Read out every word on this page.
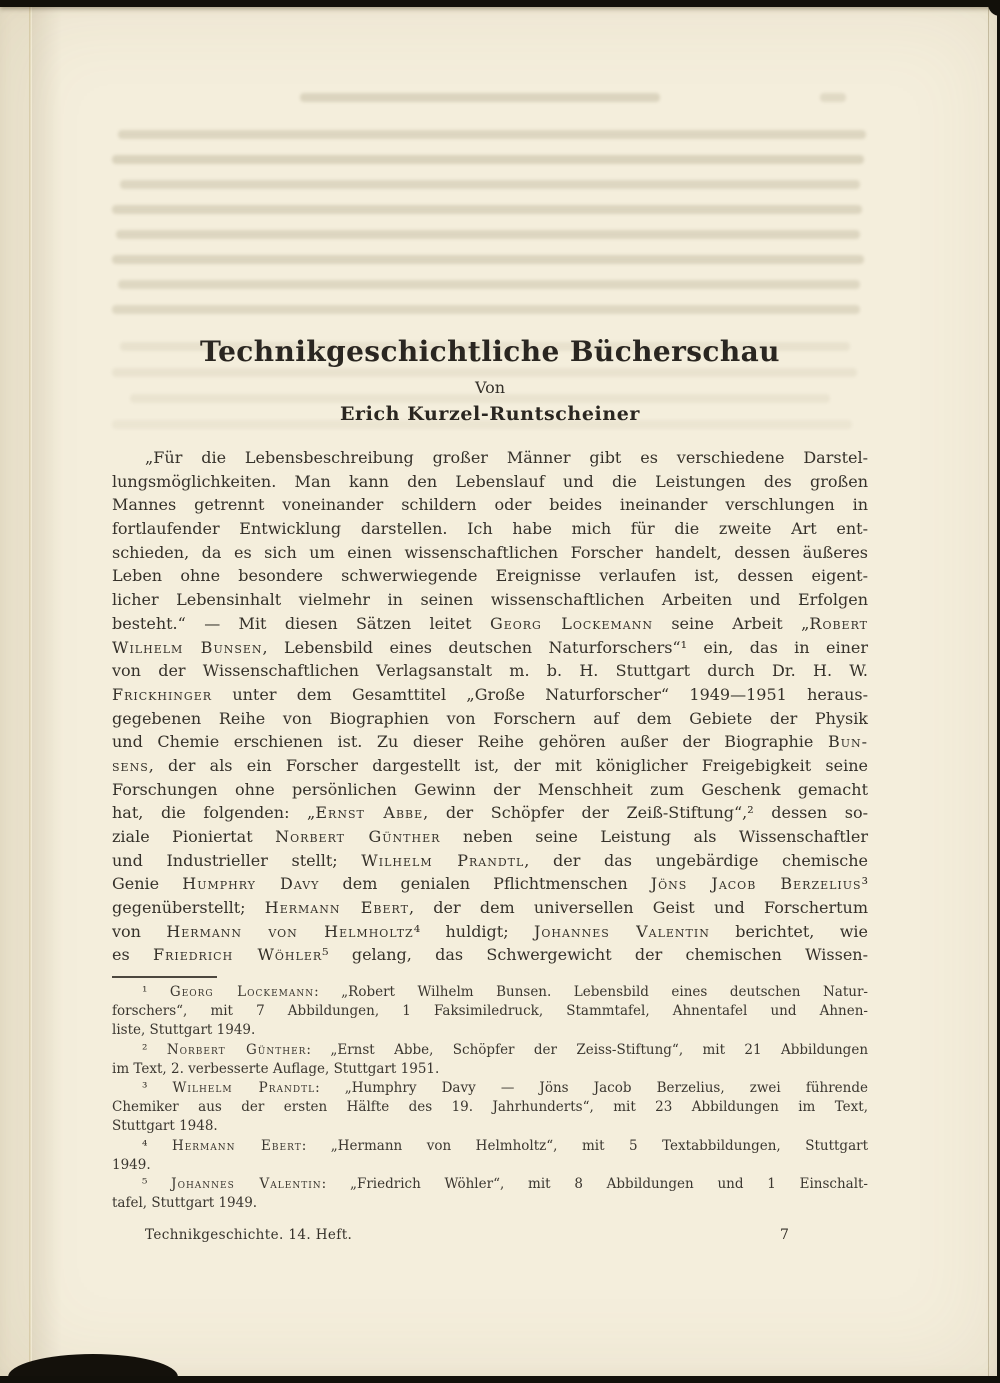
Technikgeschichtliche Bücherschau
Von
Erich Kurzel-Runtscheiner
„Für die Lebensbeschreibung großer Männer gibt es verschiedene Darstel-
lungsmöglichkeiten. Man kann den Lebenslauf und die Leistungen des großen
Mannes getrennt voneinander schildern oder beides ineinander verschlungen in
fortlaufender Entwicklung darstellen. Ich habe mich für die zweite Art ent-
schieden, da es sich um einen wissenschaftlichen Forscher handelt, dessen äußeres
Leben ohne besondere schwerwiegende Ereignisse verlaufen ist, dessen eigent-
licher Lebensinhalt vielmehr in seinen wissenschaftlichen Arbeiten und Erfolgen
besteht.“ — Mit diesen Sätzen leitet Georg Lockemann seine Arbeit „Robert
Wilhelm Bunsen, Lebensbild eines deutschen Naturforschers“¹ ein, das in einer
von der Wissenschaftlichen Verlagsanstalt m. b. H. Stuttgart durch Dr. H. W.
Frickhinger unter dem Gesamttitel „Große Naturforscher“ 1949—1951 heraus-
gegebenen Reihe von Biographien von Forschern auf dem Gebiete der Physik
und Chemie erschienen ist. Zu dieser Reihe gehören außer der Biographie Bun-
sens, der als ein Forscher dargestellt ist, der mit königlicher Freigebigkeit seine
Forschungen ohne persönlichen Gewinn der Menschheit zum Geschenk gemacht
hat, die folgenden: „Ernst Abbe, der Schöpfer der Zeiß-Stiftung“,² dessen so-
ziale Pioniertat Norbert Günther neben seine Leistung als Wissenschaftler
und Industrieller stellt; Wilhelm Prandtl, der das ungebärdige chemische
Genie Humphry Davy dem genialen Pflichtmenschen Jöns Jacob Berzelius³
gegenüberstellt; Hermann Ebert, der dem universellen Geist und Forschertum
von Hermann von Helmholtz⁴ huldigt; Johannes Valentin berichtet, wie
es Friedrich Wöhler⁵ gelang, das Schwergewicht der chemischen Wissen-
¹ Georg Lockemann: „Robert Wilhelm Bunsen. Lebensbild eines deutschen Natur-
forschers“, mit 7 Abbildungen, 1 Faksimiledruck, Stammtafel, Ahnentafel und Ahnen-
liste, Stuttgart 1949.
² Norbert Günther: „Ernst Abbe, Schöpfer der Zeiss-Stiftung“, mit 21 Abbildungen
im Text, 2. verbesserte Auflage, Stuttgart 1951.
³ Wilhelm Prandtl: „Humphry Davy — Jöns Jacob Berzelius, zwei führende
Chemiker aus der ersten Hälfte des 19. Jahrhunderts“, mit 23 Abbildungen im Text,
Stuttgart 1948.
⁴ Hermann Ebert: „Hermann von Helmholtz“, mit 5 Textabbildungen, Stuttgart
1949.
⁵ Johannes Valentin: „Friedrich Wöhler“, mit 8 Abbildungen und 1 Einschalt-
tafel, Stuttgart 1949.
Technikgeschichte. 14. Heft.	7
